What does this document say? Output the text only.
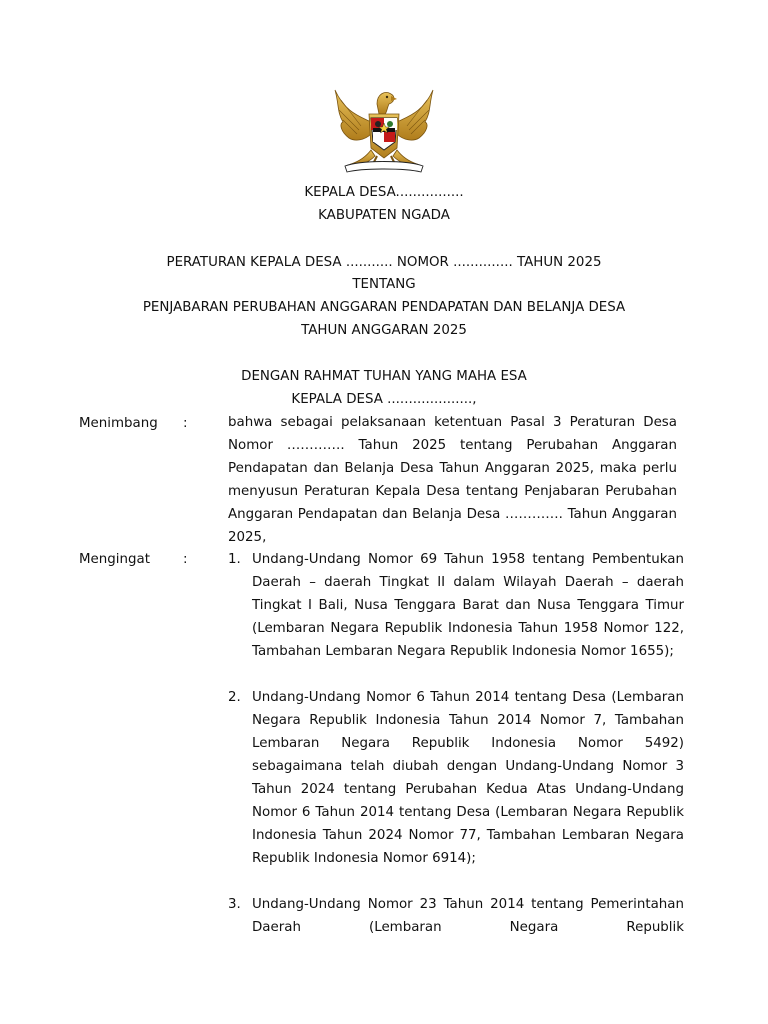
KEPALA DESA................
KABUPATEN NGADA
PERATURAN KEPALA DESA ........... NOMOR .............. TAHUN 2025
TENTANG
PENJABARAN PERUBAHAN ANGGARAN PENDAPATAN DAN BELANJA DESA
TAHUN ANGGARAN 2025
DENGAN RAHMAT TUHAN YANG MAHA ESA
KEPALA DESA ....................,
Menimbang :	bahwa sebagai pelaksanaan ketentuan Pasal 3 Peraturan Desa Nomor …………. Tahun 2025 tentang Perubahan Anggaran Pendapatan dan Belanja Desa Tahun Anggaran 2025, maka perlu menyusun Peraturan Kepala Desa tentang Penjabaran Perubahan Anggaran Pendapatan dan Belanja Desa …………. Tahun Anggaran 2025,
Mengingat :	1. Undang-Undang Nomor 69 Tahun 1958 tentang Pembentukan Daerah – daerah Tingkat II dalam Wilayah Daerah – daerah Tingkat I Bali, Nusa Tenggara Barat dan Nusa Tenggara Timur (Lembaran Negara Republik Indonesia Tahun 1958 Nomor 122, Tambahan Lembaran Negara Republik Indonesia Nomor 1655);
2. Undang-Undang Nomor 6 Tahun 2014 tentang Desa (Lembaran Negara Republik Indonesia Tahun 2014 Nomor 7, Tambahan Lembaran Negara Republik Indonesia Nomor 5492) sebagaimana telah diubah dengan Undang-Undang Nomor 3 Tahun 2024 tentang Perubahan Kedua Atas Undang-Undang Nomor 6 Tahun 2014 tentang Desa (Lembaran Negara Republik Indonesia Tahun 2024 Nomor 77, Tambahan Lembaran Negara Republik Indonesia Nomor 6914);
3. Undang-Undang Nomor 23 Tahun 2014 tentang Pemerintahan Daerah (Lembaran Negara Republik
